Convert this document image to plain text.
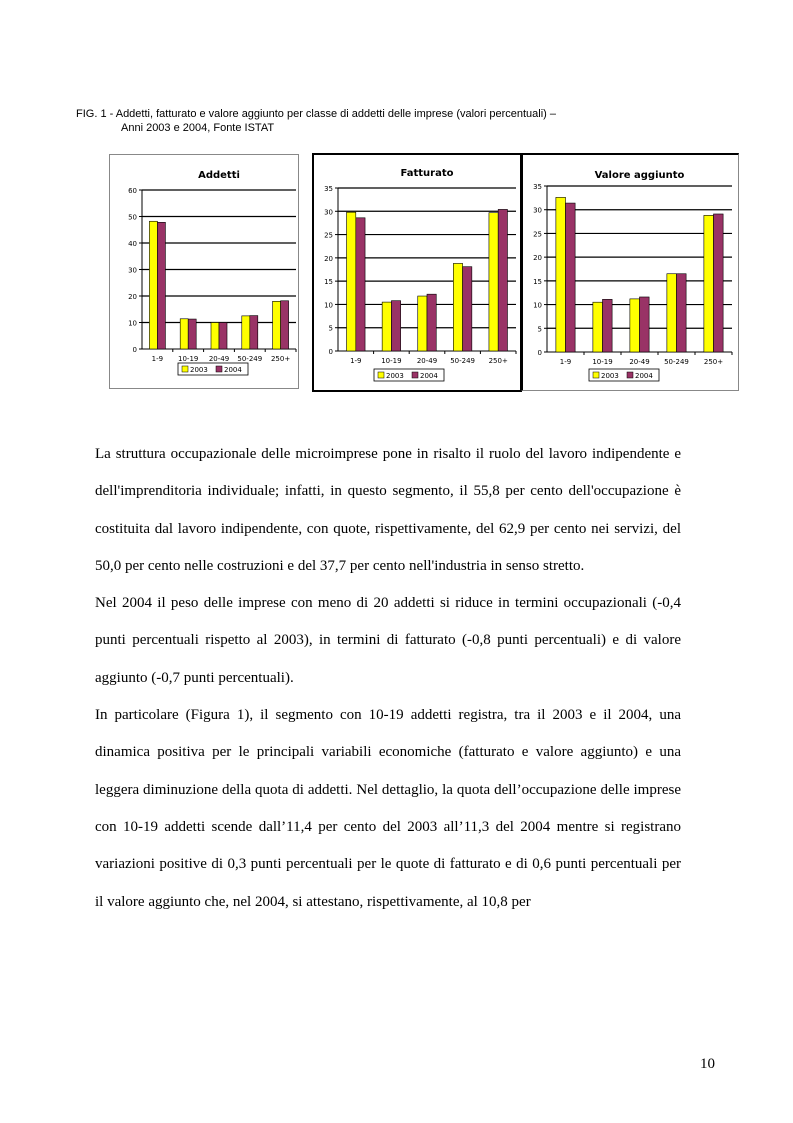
FIG. 1 - Addetti, fatturato e valore aggiunto per classe di addetti delle imprese (valori percentuali) –
Anni 2003 e 2004, Fonte ISTAT
Addetti
0
10
20
30
40
50
60
1-9 10-19 20-49 50-249 250+
2003 2004
Fatturato
0
5
10
15
20
25
30
35
1-9	10-19 20-49 50-249 250+
2003 2004
Valore aggiunto
0
5
10
15
20
25
30
35
1-9	10-19 20-49 50-249 250+
2003 2004

La struttura occupazionale delle microimprese pone in risalto il ruolo del lavoro indipendente e dell'imprenditoria individuale; infatti, in questo segmento, il 55,8 per cento dell'occupazione è costituita dal lavoro indipendente, con quote, rispettivamente, del 62,9 per cento nei servizi, del 50,0 per cento nelle costruzioni e del 37,7 per cento nell'industria in senso stretto.

Nel 2004 il peso delle imprese con meno di 20 addetti si riduce in termini occupazionali (-0,4 punti percentuali rispetto al 2003), in termini di fatturato (-0,8 punti percentuali) e di valore aggiunto (-0,7 punti percentuali).

In particolare (Figura 1), il segmento con 10-19 addetti registra, tra il 2003 e il 2004, una dinamica positiva per le principali variabili economiche (fatturato e valore aggiunto) e una leggera diminuzione della quota di addetti. Nel dettaglio, la quota dell’occupazione delle imprese con 10-19 addetti scende dall’11,4 per cento del 2003 all’11,3 del 2004 mentre si registrano variazioni positive di 0,3 punti percentuali per le quote di fatturato e di 0,6 punti percentuali per il valore aggiunto che, nel 2004, si attestano, rispettivamente, al 10,8 per

10
